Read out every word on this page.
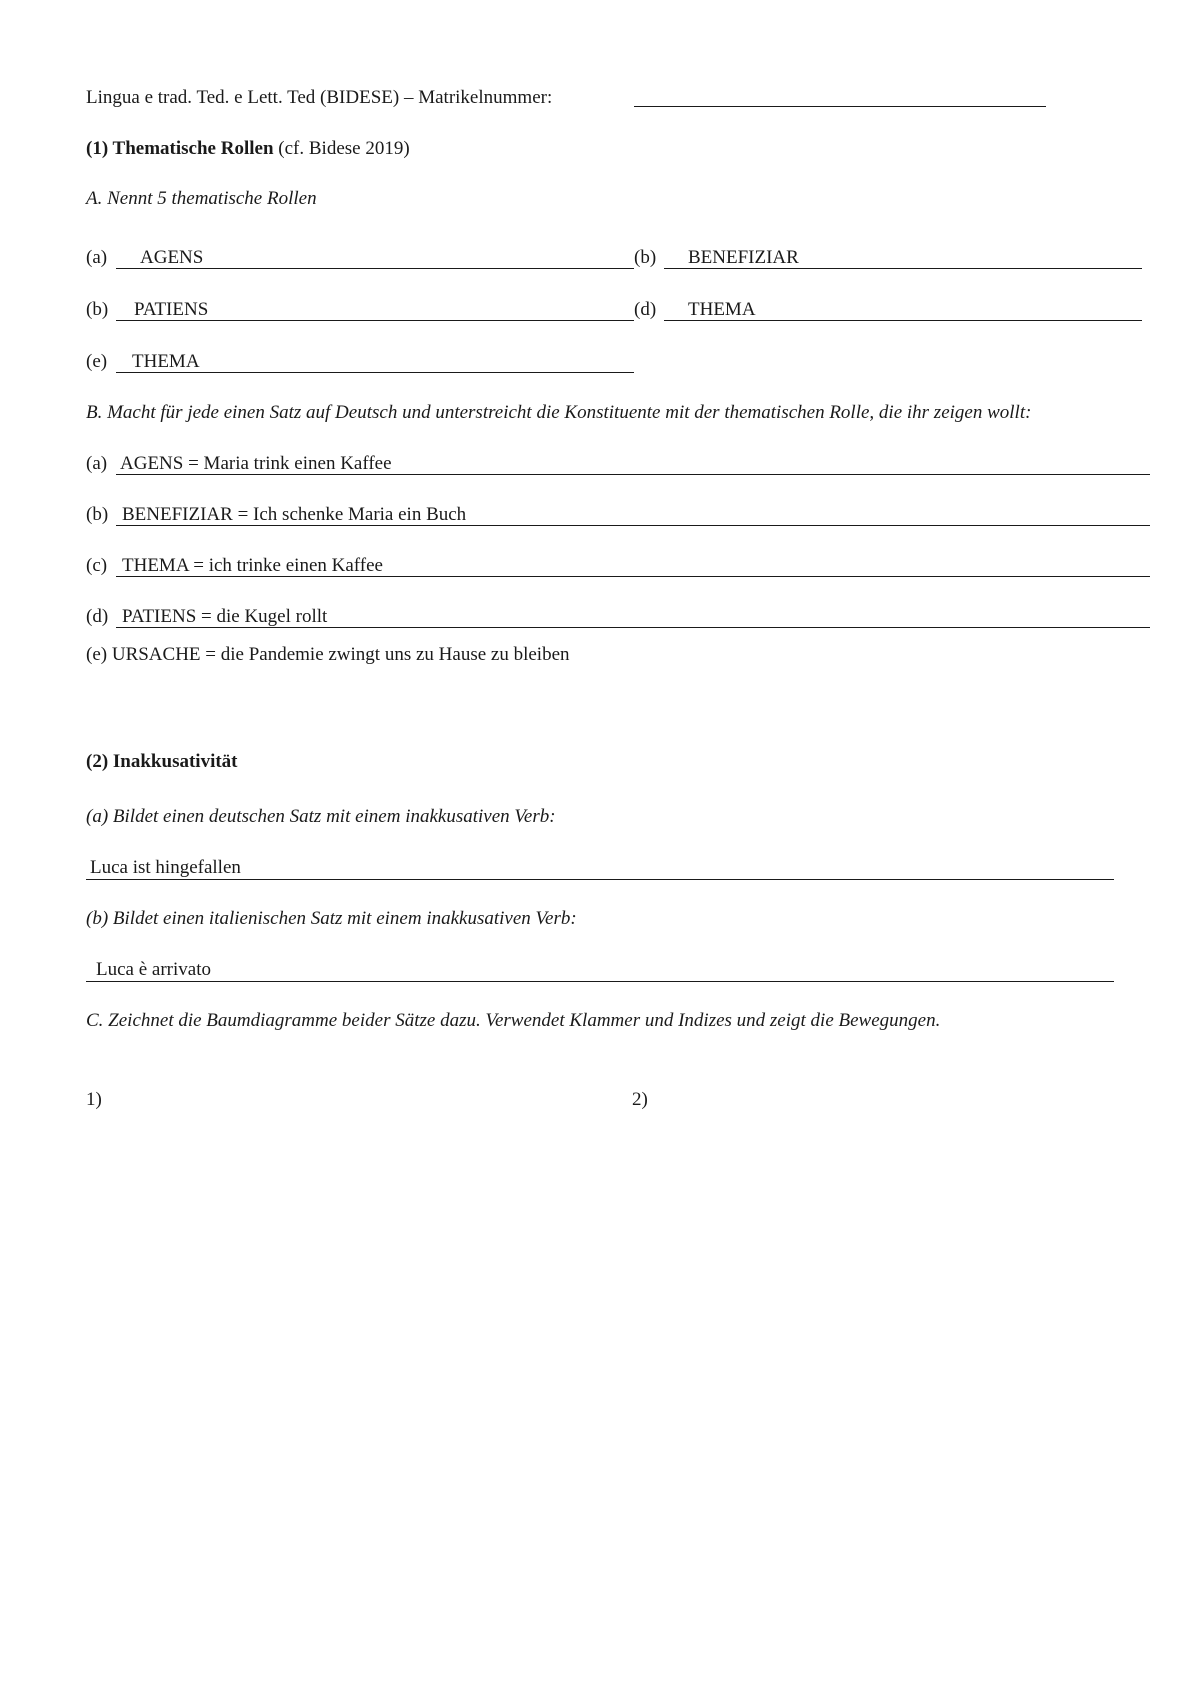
Lingua e trad. Ted. e Lett. Ted (BIDESE) – Matrikelnummer:
(1) Thematische Rollen (cf. Bidese 2019)
A. Nennt 5 thematische Rollen
(a) AGENS	(b) BENEFIZIAR
(b) PATIENS	(d) THEMA
(e) THEMA
B. Macht für jede einen Satz auf Deutsch und unterstreicht die Konstituente mit der thematischen Rolle, die ihr zeigen wollt:
(a) AGENS = Maria trink einen Kaffee
(b) BENEFIZIAR = Ich schenke Maria ein Buch
(c) THEMA = ich trinke einen Kaffee
(d) PATIENS = die Kugel rollt
(e) URSACHE = die Pandemie zwingt uns zu Hause zu bleiben
(2) Inakkusativität
(a) Bildet einen deutschen Satz mit einem inakkusativen Verb:
Luca ist hingefallen
(b) Bildet einen italienischen Satz mit einem inakkusativen Verb:
Luca è arrivato
C. Zeichnet die Baumdiagramme beider Sätze dazu. Verwendet Klammer und Indizes und zeigt die Bewegungen.
1)	2)
